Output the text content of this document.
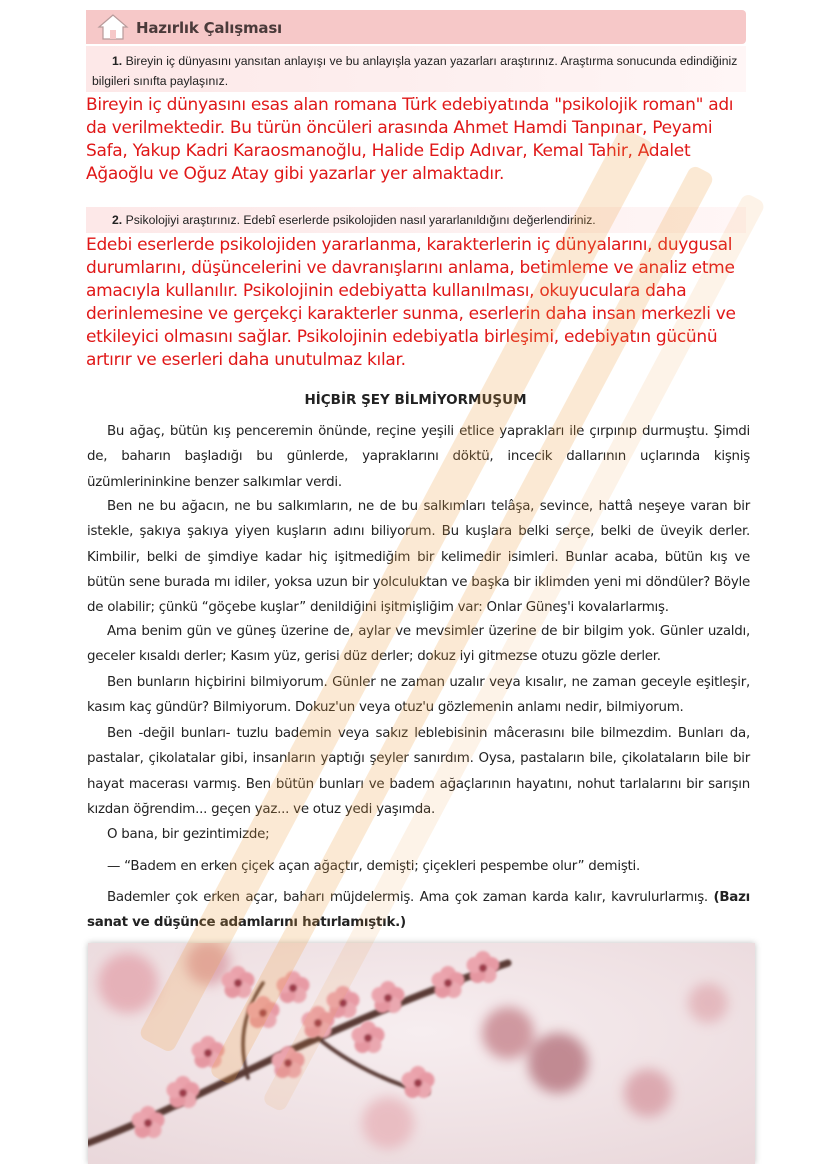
Hazırlık Çalışması
1. Bireyin iç dünyasını yansıtan anlayışı ve bu anlayışla yazan yazarları araştırınız. Araştırma sonucunda edindiğiniz bilgileri sınıfta paylaşınız.
Bireyin iç dünyasını esas alan romana Türk edebiyatında "psikolojik roman" adı da verilmektedir. Bu türün öncüleri arasında Ahmet Hamdi Tanpınar, Peyami Safa, Yakup Kadri Karaosmanoğlu, Halide Edip Adıvar, Kemal Tahir, Adalet Ağaoğlu ve Oğuz Atay gibi yazarlar yer almaktadır.
2. Psikolojiyi araştırınız. Edebî eserlerde psikolojiden nasıl yararlanıldığını değerlendiriniz.
Edebi eserlerde psikolojiden yararlanma, karakterlerin iç dünyalarını, duygusal durumlarını, düşüncelerini ve davranışlarını anlama, betimleme ve analiz etme amacıyla kullanılır. Psikolojinin edebiyatta kullanılması, okuyuculara daha derinlemesine ve gerçekçi karakterler sunma, eserlerin daha insan merkezli ve etkileyici olmasını sağlar. Psikolojinin edebiyatla birleşimi, edebiyatın gücünü artırır ve eserleri daha unutulmaz kılar.
HİÇBİR ŞEY BİLMİYORMUŞUM
Bu ağaç, bütün kış penceremin önünde, reçine yeşili etlice yaprakları ile çırpınıp durmuştu. Şimdi de, baharın başladığı bu günlerde, yapraklarını döktü, incecik dallarının uçlarında kişniş üzümlerininkine benzer salkımlar verdi.
Ben ne bu ağacın, ne bu salkımların, ne de bu salkımları telâşa, sevince, hattâ neşeye varan bir istekle, şakıya şakıya yiyen kuşların adını biliyorum. Bu kuşlara belki serçe, belki de üveyik derler. Kimbilir, belki de şimdiye kadar hiç işitmediğim bir kelimedir isimleri. Bunlar acaba, bütün kış ve bütün sene burada mı idiler, yoksa uzun bir yolculuktan ve başka bir iklimden yeni mi döndüler? Böyle de olabilir; çünkü “göçebe kuşlar” denildiğini işitmişliğim var: Onlar Güneş'i kovalarlarmış.
Ama benim gün ve güneş üzerine de, aylar ve mevsimler üzerine de bir bilgim yok. Günler uzaldı, geceler kısaldı derler; Kasım yüz, gerisi düz derler; dokuz iyi gitmezse otuzu gözle derler.
Ben bunların hiçbirini bilmiyorum. Günler ne zaman uzalır veya kısalır, ne zaman geceyle eşitleşir, kasım kaç gündür? Bilmiyorum. Dokuz'un veya otuz'u gözlemenin anlamı nedir, bilmiyorum.
Ben -değil bunları- tuzlu bademin veya sakız leblebisinin mâcerasını bile bilmezdim. Bunları da, pastalar, çikolatalar gibi, insanların yaptığı şeyler sanırdım. Oysa, pastaların bile, çikolataların bile bir hayat macerası varmış. Ben bütün bunları ve badem ağaçlarının hayatını, nohut tarlalarını bir sarışın kızdan öğrendim... geçen yaz... ve otuz yedi yaşımda.
O bana, bir gezintimizde;
— “Badem en erken çiçek açan ağaçtır, demişti; çiçekleri pespembe olur” demişti.
Bademler çok erken açar, baharı müjdelermiş. Ama çok zaman karda kalır, kavrulurlarmış. (Bazı sanat ve düşünce adamlarını hatırlamıştık.)
